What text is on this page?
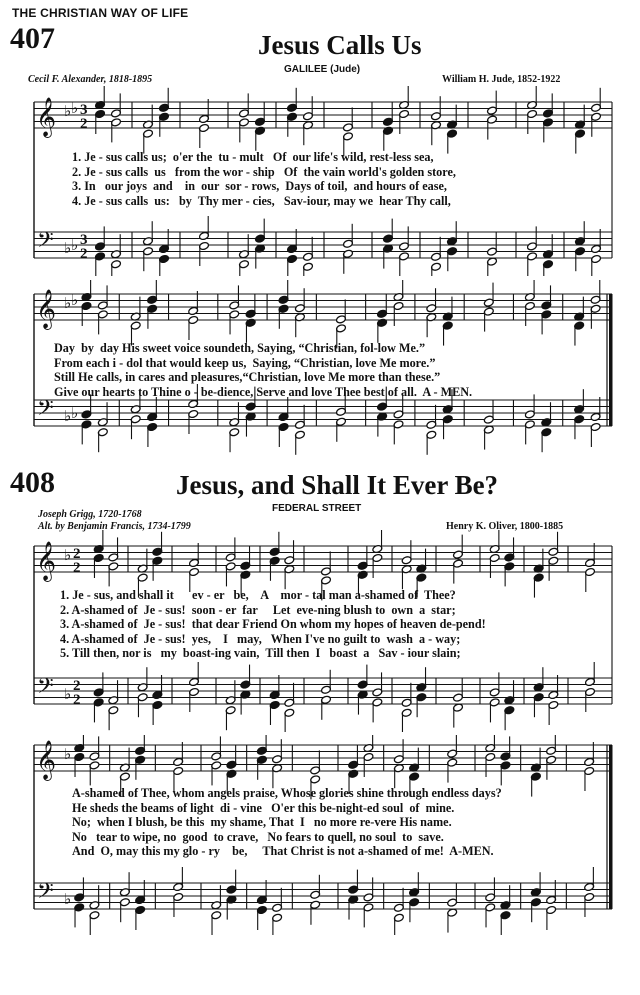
THE CHRISTIAN WAY OF LIFE
407	Jesus Calls Us
GALILEE (Jude)
Cecil F. Alexander, 1818-1895	William H. Jude, 1852-1922
𝄞
𝄢
♭
♭
♭
♭
3
2
3
2
1. Je - sus calls us;  o'er the  tu - mult   Of  our life's wild, rest-less sea,
2. Je - sus calls  us   from the wor - ship   Of  the vain world's golden store,
3. In   our joys  and    in  our  sor - rows,  Days of toil,  and hours of ease,
4. Je - sus calls  us:   by  Thy mer - cies,   Sav-iour, may we  hear Thy call,
𝄞
𝄢
♭
♭
♭
♭
Day  by  day His sweet voice soundeth, Saying, “Christian, fol-low Me.”
From each i - dol that would keep us,  Saying, “Christian, love Me more.”
Still He calls, in cares and pleasures,“Christian, love Me more than these.”
Give our hearts to Thine o - be-dience, Serve and love Thee best of all.  A - MEN.
408	Jesus, and Shall It Ever Be?
FEDERAL STREET
Joseph Grigg, 1720-1768
Alt. by Benjamin Francis, 1734-1799	Henry K. Oliver, 1800-1885
𝄞
𝄢
♭
♭
2
2
2
2
1. Je - sus, and shall it      ev - er   be,    A    mor - tal man a-shamed of  Thee?
2. A-shamed of  Je - sus!  soon - er  far     Let  eve-ning blush to  own  a  star;
3. A-shamed of  Je - sus!  that dear Friend On whom my hopes of heaven de-pend!
4. A-shamed of  Je - sus!  yes,    I   may,   When I've no guilt to  wash  a - way;
5. Till then, nor is   my  boast-ing vain,  Till then  I   boast  a   Sav - iour slain;
𝄞
𝄢
♭
♭
A-shamed of Thee, whom angels praise, Whose glories shine through endless days?
He sheds the beams of light  di - vine   O'er this be-night-ed soul  of  mine.
No;  when I blush, be this  my shame, That  I   no more re-vere His name.
No   tear to wipe, no  good  to crave,   No fears to quell, no soul  to  save.
And  O, may this my glo - ry    be,     That Christ is not a-shamed of me!  A-MEN.
